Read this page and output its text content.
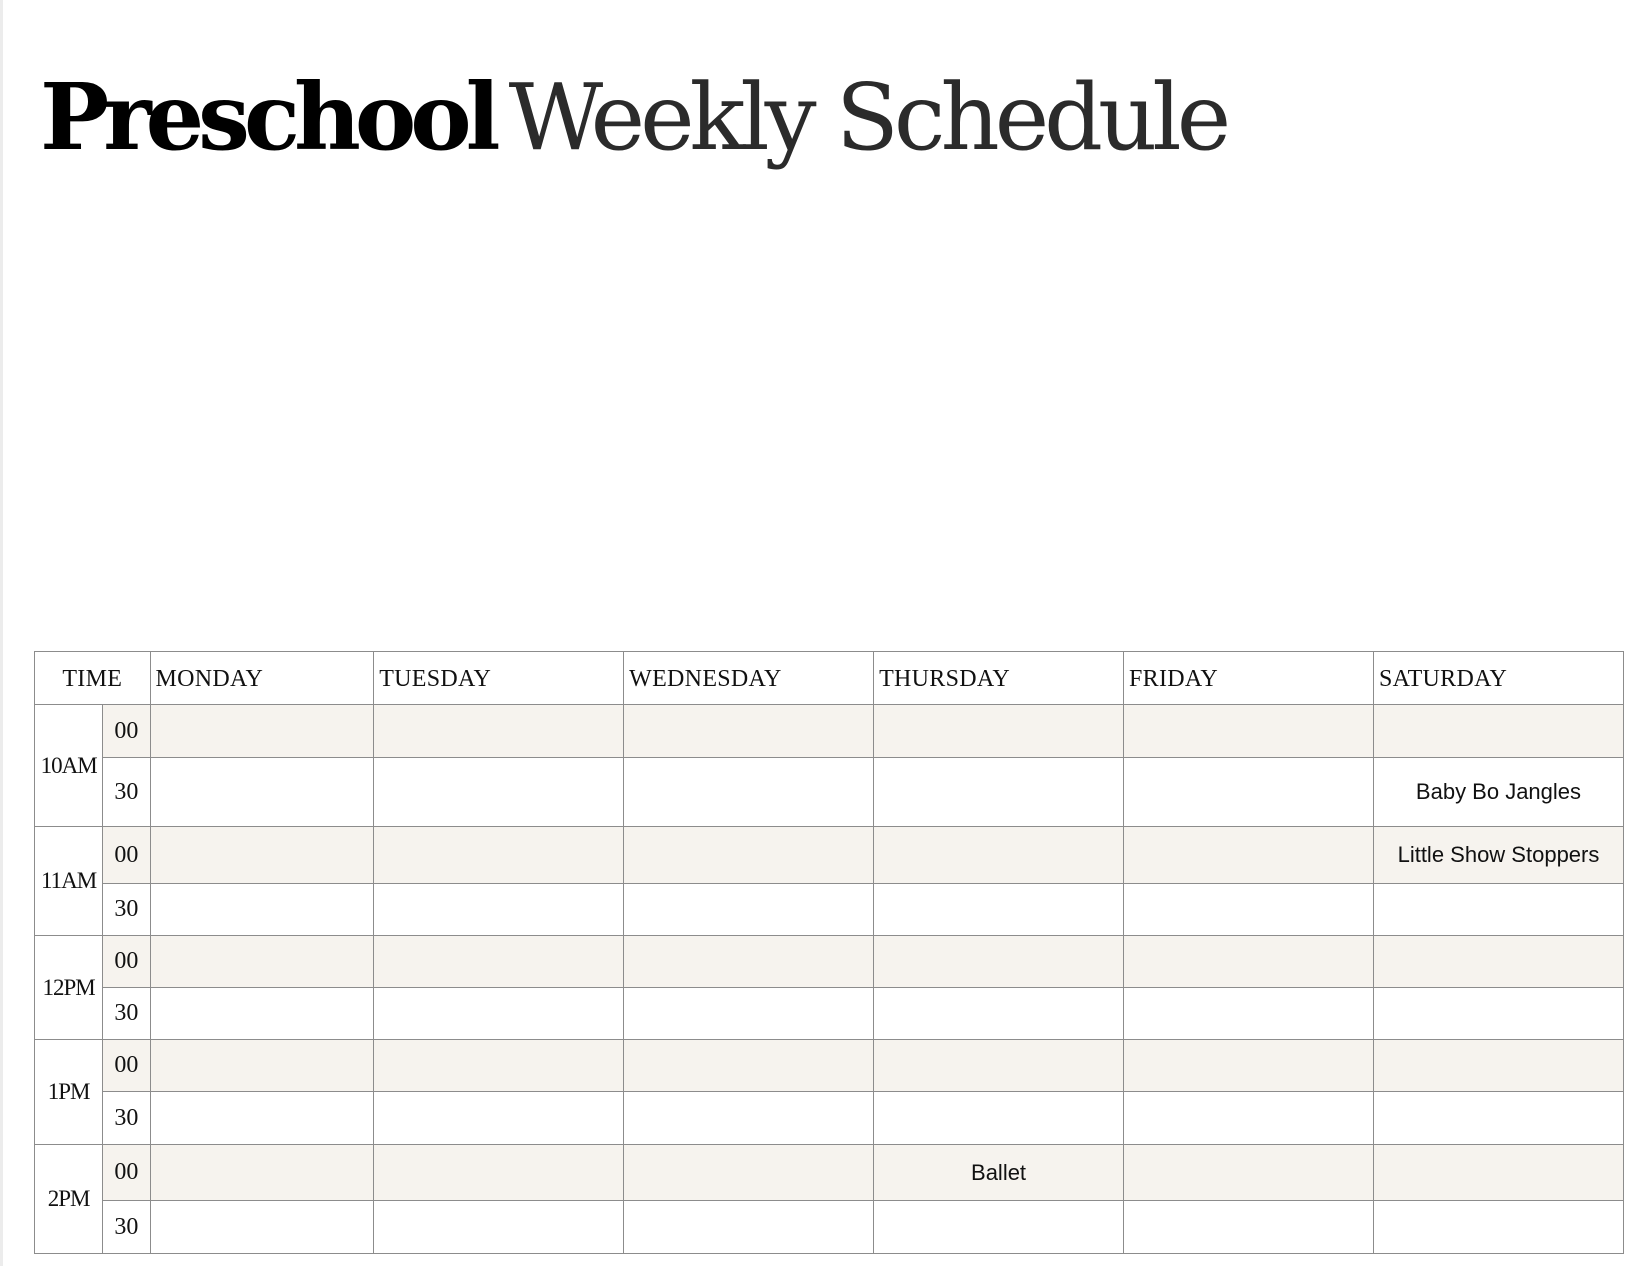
Preschool Weekly Schedule
TIME		MONDAY	TUESDAY	WEDNESDAY	THURSDAY	FRIDAY	SATURDAY
10AM	00						
	30						Baby Bo Jangles
11AM	00						Little Show Stoppers
	30						
12PM	00						
	30						
1PM	00						
	30						
2PM	00				Ballet		
	30						
